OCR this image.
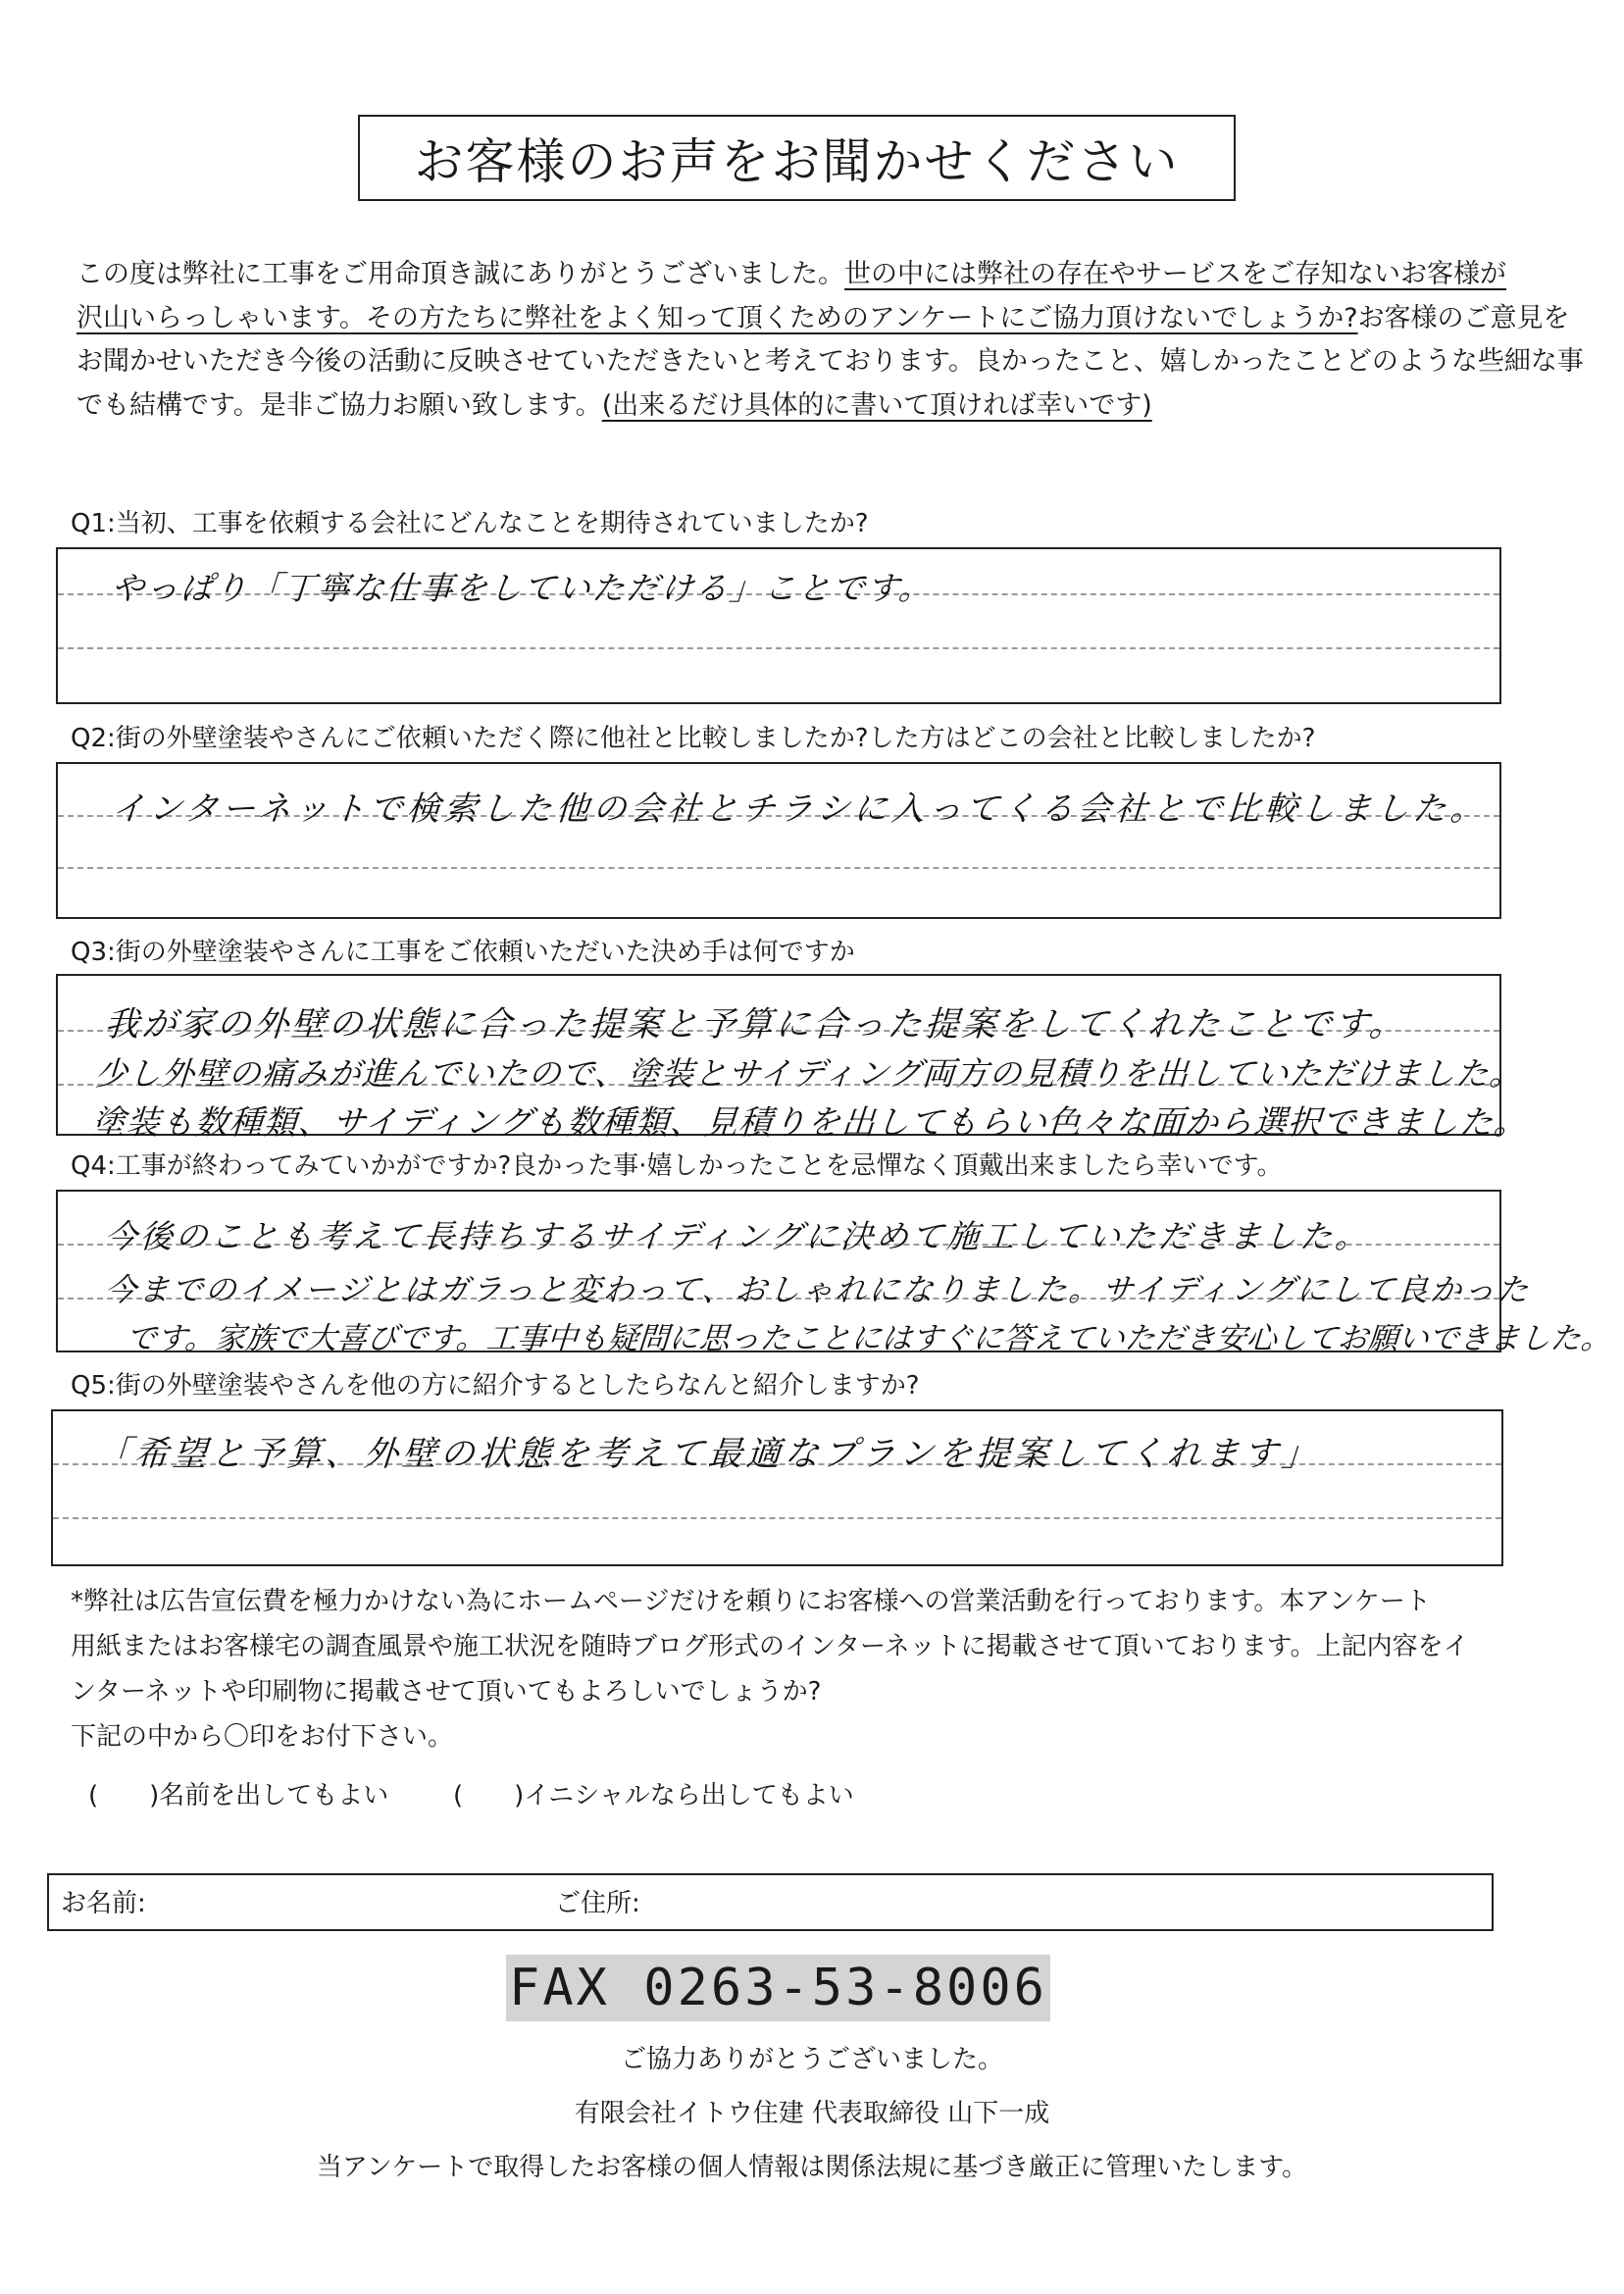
お客様のお声をお聞かせください
この度は弊社に工事をご用命頂き誠にありがとうございました。世の中には弊社の存在やサービスをご存知ないお客様が
沢山いらっしゃいます。その方たちに弊社をよく知って頂くためのアンケートにご協力頂けないでしょうか?お客様のご意見を
お聞かせいただき今後の活動に反映させていただきたいと考えております。良かったこと、嬉しかったことどのような些細な事
でも結構です。是非ご協力お願い致します。(出来るだけ具体的に書いて頂ければ幸いです)
Q1:当初、工事を依頼する会社にどんなことを期待されていましたか?
やっぱり「丁寧な仕事をしていただける」ことです。
Q2:街の外壁塗装やさんにご依頼いただく際に他社と比較しましたか?した方はどこの会社と比較しましたか?
インターネットで検索した他の会社とチラシに入ってくる会社とで比較しました。
Q3:街の外壁塗装やさんに工事をご依頼いただいた決め手は何ですか
我が家の外壁の状態に合った提案と予算に合った提案をしてくれたことです。
少し外壁の痛みが進んでいたので、塗装とサイディング両方の見積りを出していただけました。
塗装も数種類、サイディングも数種類、見積りを出してもらい色々な面から選択できました。
Q4:工事が終わってみていかがですか?良かった事·嬉しかったことを忌憚なく頂戴出来ましたら幸いです。
今後のことも考えて長持ちするサイディングに決めて施工していただきました。
今までのイメージとはガラっと変わって、おしゃれになりました。サイディングにして良かった
です。家族で大喜びです。工事中も疑問に思ったことにはすぐに答えていただき安心してお願いできました。
Q5:街の外壁塗装やさんを他の方に紹介するとしたらなんと紹介しますか?
「希望と予算、外壁の状態を考えて最適なプランを提案してくれます」
*弊社は広告宣伝費を極力かけない為にホームページだけを頼りにお客様への営業活動を行っております。本アンケート
用紙またはお客様宅の調査風景や施工状況を随時ブログ形式のインターネットに掲載させて頂いております。上記内容をイ
ンターネットや印刷物に掲載させて頂いてもよろしいでしょうか?
下記の中から〇印をお付下さい。
(　　)名前を出してもよい	(　　)イニシャルなら出してもよい
お名前:	ご住所:
FAX 0263-53-8006
ご協力ありがとうございました。
有限会社イトウ住建 代表取締役 山下一成
当アンケートで取得したお客様の個人情報は関係法規に基づき厳正に管理いたします。
